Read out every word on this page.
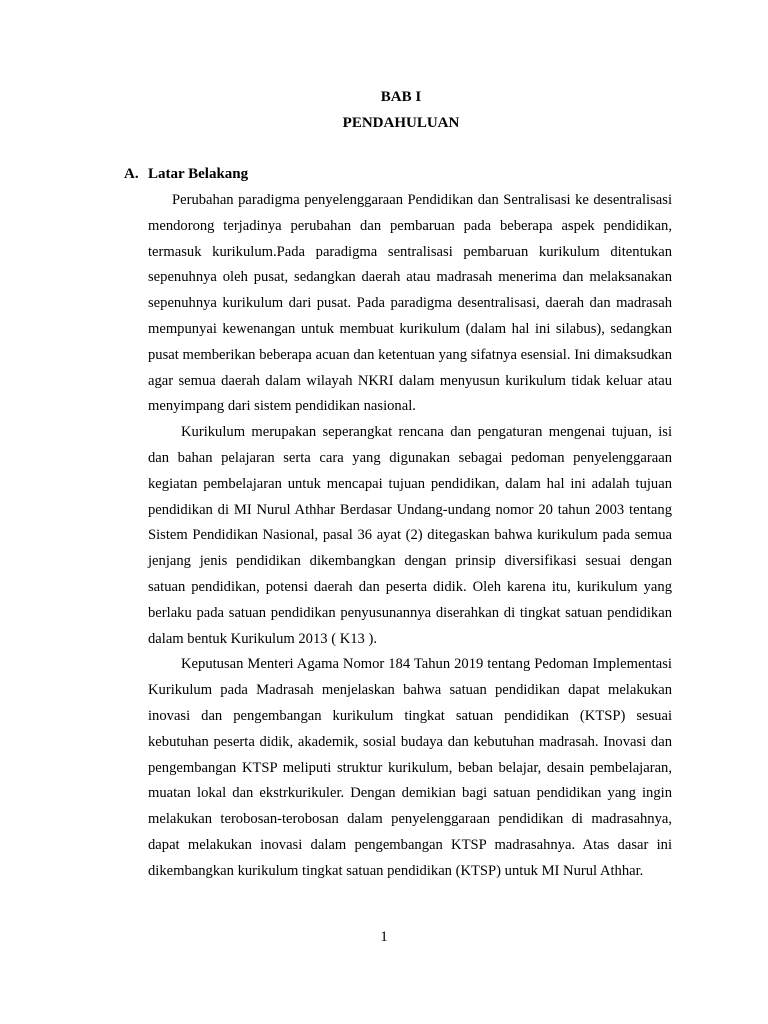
BAB I
PENDAHULUAN
A. Latar Belakang

Perubahan paradigma penyelenggaraan Pendidikan dan Sentralisasi ke desentralisasi mendorong terjadinya perubahan dan pembaruan pada beberapa aspek pendidikan, termasuk kurikulum.Pada paradigma sentralisasi pembaruan kurikulum ditentukan sepenuhnya oleh pusat, sedangkan daerah atau madrasah menerima dan melaksanakan sepenuhnya kurikulum dari pusat. Pada paradigma desentralisasi, daerah dan madrasah mempunyai kewenangan untuk membuat kurikulum (dalam hal ini silabus), sedangkan pusat memberikan beberapa acuan dan ketentuan yang sifatnya esensial. Ini dimaksudkan agar semua daerah dalam wilayah NKRI dalam menyusun kurikulum tidak keluar atau menyimpang dari sistem pendidikan nasional.

Kurikulum merupakan seperangkat rencana dan pengaturan mengenai tujuan, isi dan bahan pelajaran serta cara yang digunakan sebagai pedoman penyelenggaraan kegiatan pembelajaran untuk mencapai tujuan pendidikan, dalam hal ini adalah tujuan pendidikan di MI Nurul Athhar Berdasar Undang-undang nomor 20 tahun 2003 tentang Sistem Pendidikan Nasional, pasal 36 ayat (2) ditegaskan bahwa kurikulum pada semua jenjang jenis pendidikan dikembangkan dengan prinsip diversifikasi sesuai dengan satuan pendidikan, potensi daerah dan peserta didik. Oleh karena itu, kurikulum yang berlaku pada satuan pendidikan penyusunannya diserahkan di tingkat satuan pendidikan dalam bentuk Kurikulum 2013 ( K13 ).

Keputusan Menteri Agama Nomor 184 Tahun 2019 tentang Pedoman Implementasi Kurikulum pada Madrasah menjelaskan bahwa satuan pendidikan dapat melakukan inovasi dan pengembangan kurikulum tingkat satuan pendidikan (KTSP) sesuai kebutuhan peserta didik, akademik, sosial budaya dan kebutuhan madrasah. Inovasi dan pengembangan KTSP meliputi struktur kurikulum, beban belajar, desain pembelajaran, muatan lokal dan ekstrkurikuler. Dengan demikian bagi satuan pendidikan yang ingin melakukan terobosan-terobosan dalam penyelenggaraan pendidikan di madrasahnya, dapat melakukan inovasi dalam pengembangan KTSP madrasahnya. Atas dasar ini dikembangkan kurikulum tingkat satuan pendidikan (KTSP) untuk MI Nurul Athhar.

1
